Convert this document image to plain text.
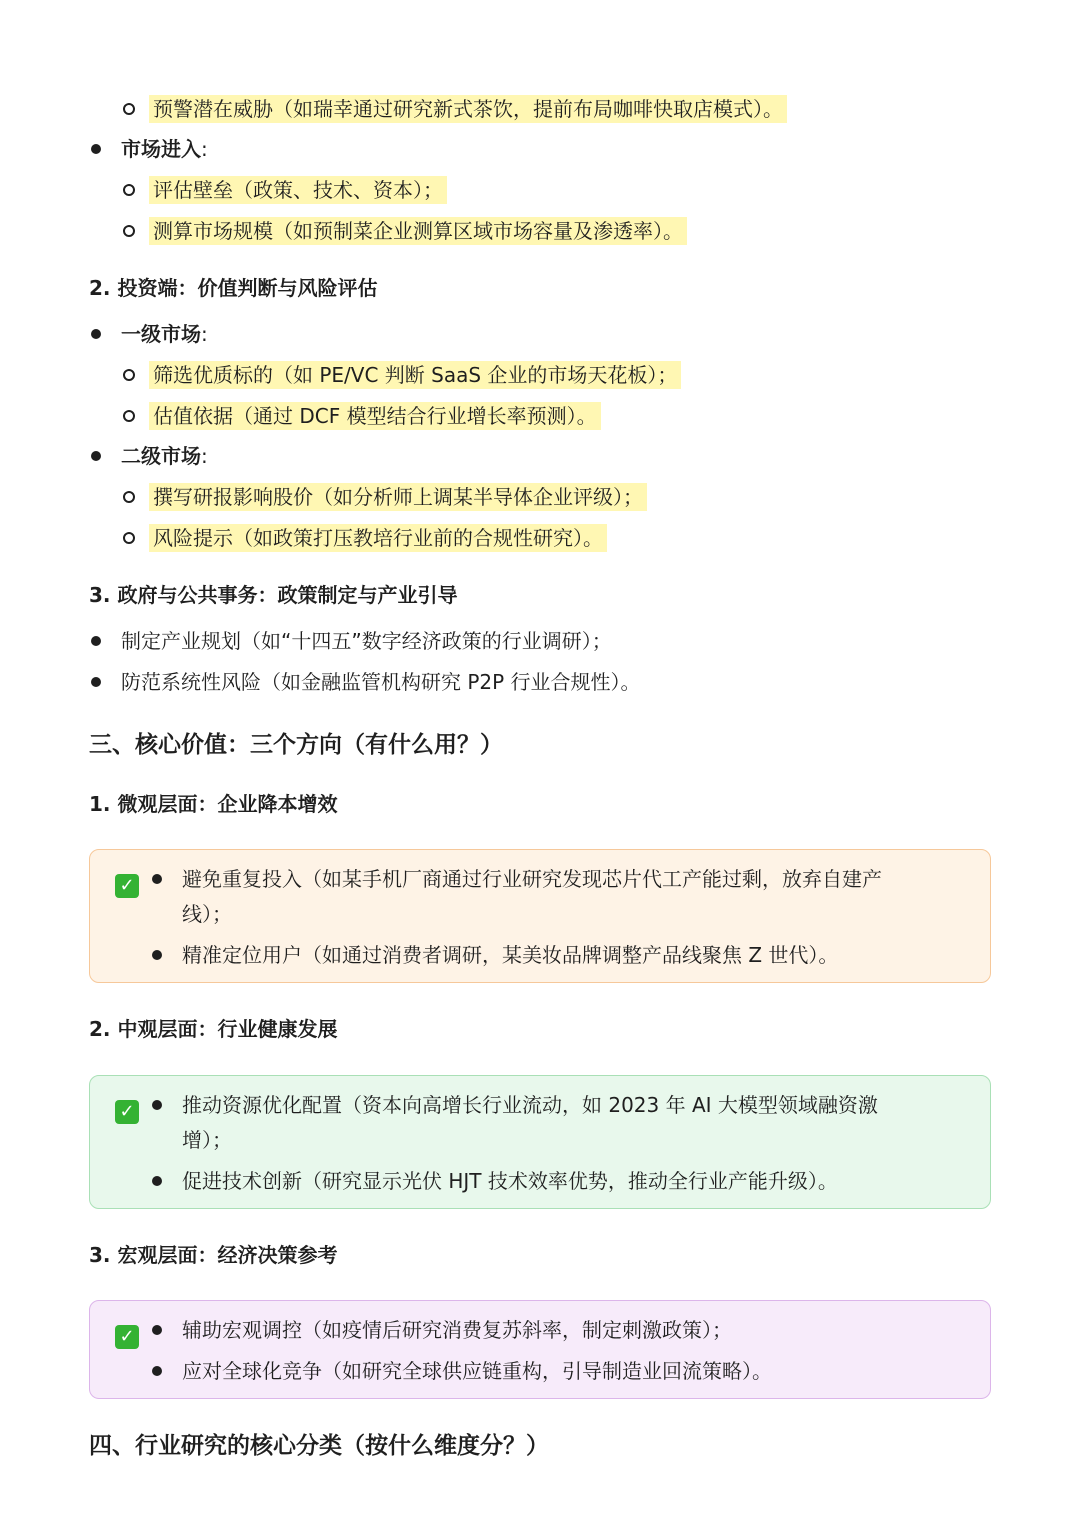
预警潜在威胁（如瑞幸通过研究新式茶饮，提前布局咖啡快取店模式）。
市场进入:
评估壁垒（政策、技术、资本）；
测算市场规模（如预制菜企业测算区域市场容量及渗透率）。
2. 投资端：价值判断与风险评估
一级市场:
筛选优质标的（如 PE/VC 判断 SaaS 企业的市场天花板）；
估值依据（通过 DCF 模型结合行业增长率预测）。
二级市场:
撰写研报影响股价（如分析师上调某半导体企业评级）；
风险提示（如政策打压教培行业前的合规性研究）。
3. 政府与公共事务：政策制定与产业引导
制定产业规划（如“十四五”数字经济政策的行业调研）；
防范系统性风险（如金融监管机构研究 P2P 行业合规性）。
三、核心价值：三个方向（有什么用？）
1. 微观层面：企业降本增效
✓ 避免重复投入（如某手机厂商通过行业研究发现芯片代工产能过剩，放弃自建产
线）；
精准定位用户（如通过消费者调研，某美妆品牌调整产品线聚焦 Z 世代）。
2. 中观层面：行业健康发展
✓ 推动资源优化配置（资本向高增长行业流动，如 2023 年 AI 大模型领域融资激
增）；
促进技术创新（研究显示光伏 HJT 技术效率优势，推动全行业产能升级）。
3. 宏观层面：经济决策参考
✓ 辅助宏观调控（如疫情后研究消费复苏斜率，制定刺激政策）；
应对全球化竞争（如研究全球供应链重构，引导制造业回流策略）。
四、行业研究的核心分类（按什么维度分？）
